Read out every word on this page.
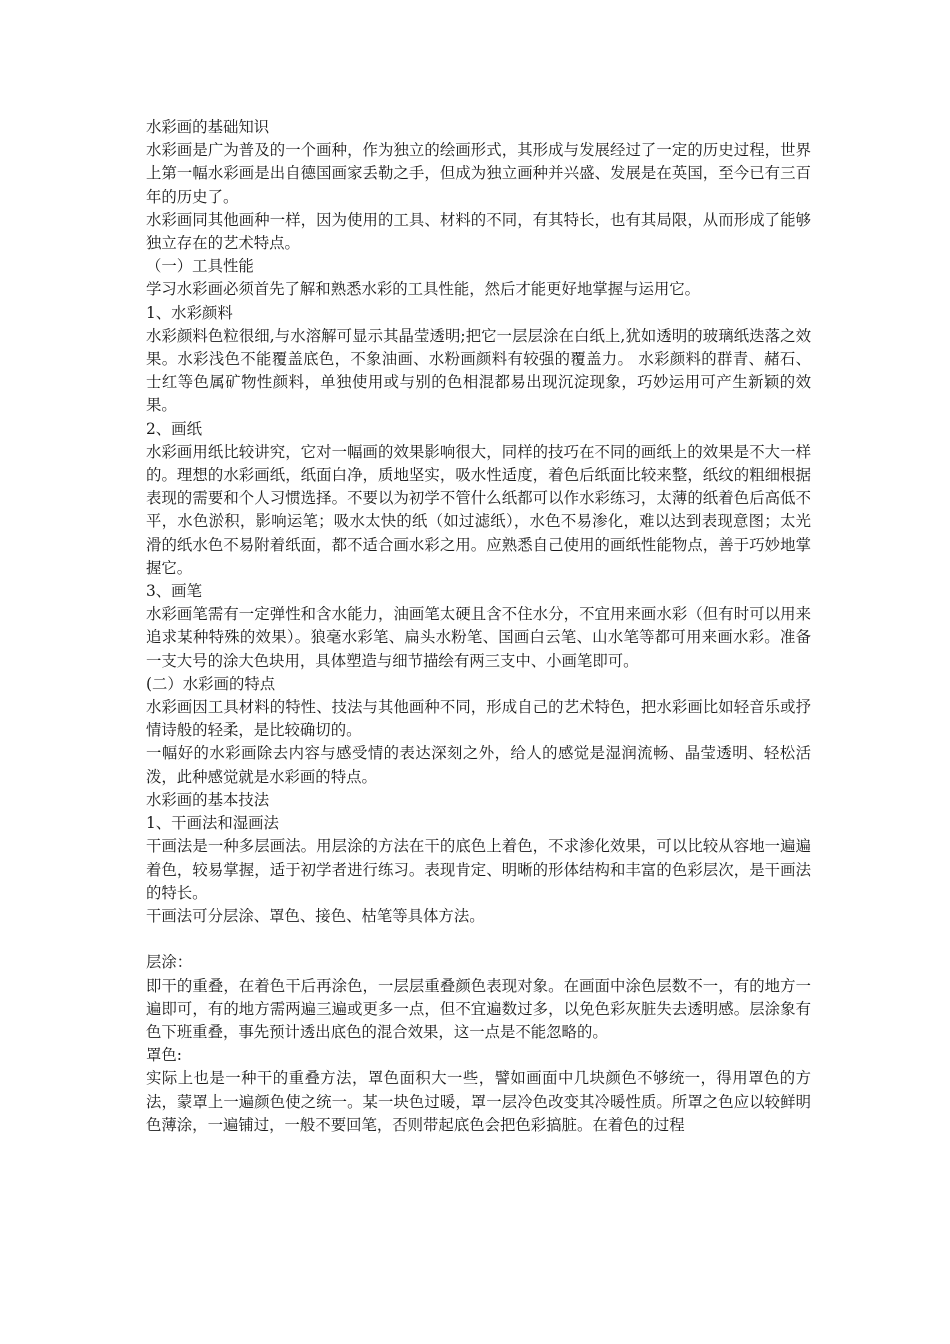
水彩画的基础知识

水彩画是广为普及的一个画种，作为独立的绘画形式，其形成与发展经过了一定的历史过程，世界上第一幅水彩画是出自德国画家丢勒之手，但成为独立画种并兴盛、发展是在英国，至今已有三百年的历史了。

水彩画同其他画种一样，因为使用的工具、材料的不同，有其特长，也有其局限，从而形成了能够独立存在的艺术特点。

（一）工具性能

学习水彩画必须首先了解和熟悉水彩的工具性能，然后才能更好地掌握与运用它。

1、水彩颜料

水彩颜料色粒很细,与水溶解可显示其晶莹透明;把它一层层涂在白纸上,犹如透明的玻璃纸迭落之效果。水彩浅色不能覆盖底色，不象油画、水粉画颜料有较强的覆盖力。 水彩颜料的群青、赭石、士红等色属矿物性颜料，单独使用或与别的色相混都易出现沉淀现象，巧妙运用可产生新颖的效果。

2、画纸

水彩画用纸比较讲究，它对一幅画的效果影响很大，同样的技巧在不同的画纸上的效果是不大一样的。理想的水彩画纸，纸面白净，质地坚实，吸水性适度，着色后纸面比较来整，纸纹的粗细根据表现的需要和个人习惯选择。不要以为初学不管什么纸都可以作水彩练习，太薄的纸着色后高低不平，水色淤积，影响运笔；吸水太快的纸（如过滤纸），水色不易渗化，难以达到表现意图；太光滑的纸水色不易附着纸面，都不适合画水彩之用。应熟悉自己使用的画纸性能物点，善于巧妙地掌握它。

3、画笔

水彩画笔需有一定弹性和含水能力，油画笔太硬且含不住水分，不宜用来画水彩（但有时可以用来追求某种特殊的效果）。狼毫水彩笔、扁头水粉笔、国画白云笔、山水笔等都可用来画水彩。准备一支大号的涂大色块用，具体塑造与细节描绘有两三支中、小画笔即可。

(二）水彩画的特点

水彩画因工具材料的特性、技法与其他画种不同，形成自己的艺术特色，把水彩画比如轻音乐或抒情诗般的轻柔，是比较确切的。

一幅好的水彩画除去内容与感受情的表达深刻之外，给人的感觉是湿润流畅、晶莹透明、轻松活泼，此种感觉就是水彩画的特点。

水彩画的基本技法

1、干画法和湿画法

干画法是一种多层画法。用层涂的方法在干的底色上着色，不求渗化效果，可以比较从容地一遍遍着色，较易掌握，适于初学者进行练习。表现肯定、明晰的形体结构和丰富的色彩层次，是干画法的特长。

干画法可分层涂、罩色、接色、枯笔等具体方法。

层涂：

即干的重叠，在着色干后再涂色，一层层重叠颜色表现对象。在画面中涂色层数不一，有的地方一遍即可，有的地方需两遍三遍或更多一点，但不宜遍数过多，以免色彩灰脏失去透明感。层涂象有色下班重叠，事先预计透出底色的混合效果，这一点是不能忽略的。

罩色:

实际上也是一种干的重叠方法，罩色面积大一些，譬如画面中几块颜色不够统一，得用罩色的方法，蒙罩上一遍颜色使之统一。某一块色过暖，罩一层冷色改变其冷暖性质。所罩之色应以较鲜明色薄涂，一遍铺过，一般不要回笔，否则带起底色会把色彩搞脏。在着色的过程
